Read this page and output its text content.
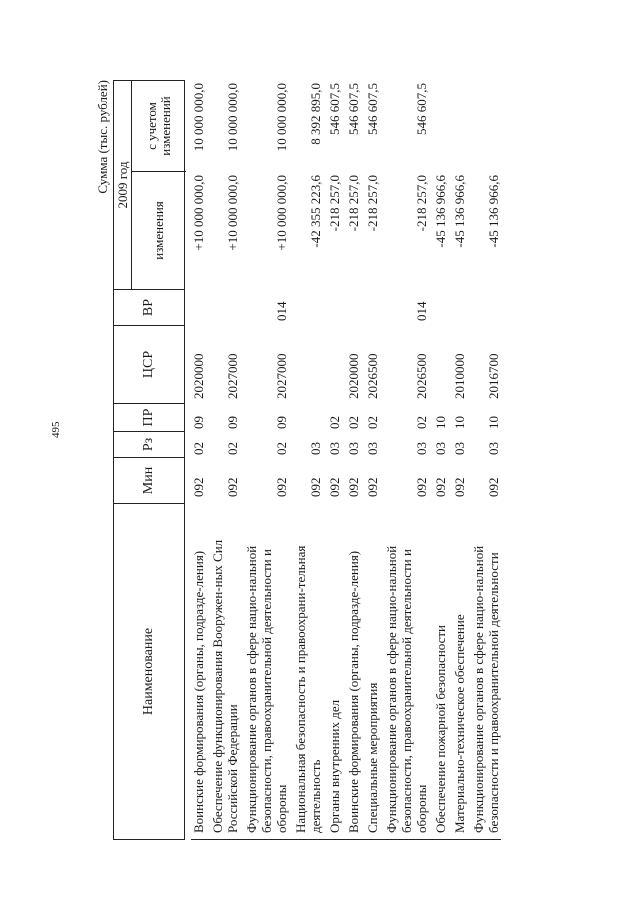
495
Сумма (тыс. рублей)
Наименование
Мин
Рз
ПР
ЦСР
ВР
2009 год
изменения
с учетом изменений
Воинские формирования (органы, подразде-ления)
092
02
09
2020000
+10 000 000,0
10 000 000,0
Обеспечение функционирования Вооружен-ных Сил Российской Федерации
092
02
09
2027000
+10 000 000,0
10 000 000,0
Функционирование органов в сфере нацио-нальной безопасности, правоохранительной деятельности и обороны
092
02
09
2027000
014
+10 000 000,0
10 000 000,0
Национальная безопасность и правоохрани-тельная деятельность
092
03
-42 355 223,6
8 392 895,0
Органы внутренних дел
092
03
02
-218 257,0
546 607,5
Воинские формирования (органы, подразде-ления)
092
03
02
2020000
-218 257,0
546 607,5
Специальные мероприятия
092
03
02
2026500
-218 257,0
546 607,5
Функционирование органов в сфере нацио-нальной безопасности, правоохранительной деятельности и обороны
092
03
02
2026500
014
-218 257,0
546 607,5
Обеспечение пожарной безопасности
092
03
10
-45 136 966,6
Материально-техническое обеспечение
092
03
10
2010000
-45 136 966,6
Функционирование органов в сфере нацио-нальной безопасности и правоохранительной деятельности
092
03
10
2016700
-45 136 966,6
